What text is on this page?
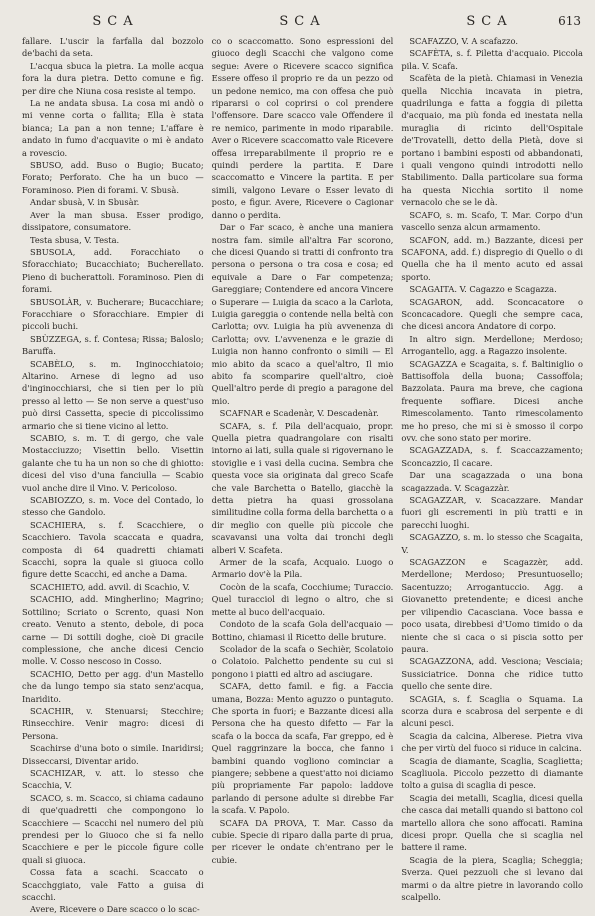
SCA	SCA	SCA	613

fallare. L'uscir la farfalla dal bozzolo de'bachi da seta.

L'acqua sbuca la pietra. La molle acqua fora la dura pietra. Detto comune e fig. per dire che Niuna cosa resiste al tempo.

La ne andata sbusa. La cosa mi andò o mi venne corta o fallita; Ella è stata bianca; La pan a non tenne; L'affare è andato in fumo d'acquavite o mi è andato a rovescio.

SBUSO, add. Buso o Bugio; Bucato; Forato; Perforato. Che ha un buco — Foraminoso. Pien di forami. V. Sbusà.

Andar sbusà, V. in Sbusàr.

Aver la man sbusa. Esser prodigo, dissipatore, consumatore.

Testa sbusa, V. Testa.

SBUSOLA, add. Foracchiato o Sforacchiato; Bucacchiato; Bucherellato. Pieno di bucherattoli. Foraminoso. Pien di forami.

SBUSOLÀR, v. Bucherare; Bucacchiare; Foracchiare o Sforacchiare. Empier di piccoli buchi.

SBÙZZEGA, s. f. Contesa; Rissa; Baloslo; Baruffa.

SCABÈLO, s. m. Inginocchiatoio; Altarino. Arnese di legno ad uso d'inginocchiarsi, che si tien per lo più presso al letto — Se non serve a quest'uso può dirsi Cassetta, specie di piccolissimo armario che si tiene vicino al letto.

SCABIO, s. m. T. di gergo, che vale Mostacciuzzo; Visettin bello. Visettin galante che tu ha un non so che di ghiotto: dicesi del viso d'una fanciulla — Scabio vuol anche dire il Vino. V. Pericoloso.

SCABIOZZO, s. m. Voce del Contado, lo stesso che Gandolo.

SCACHIERA, s. f. Scacchiere, o Scacchiero. Tavola scaccata e quadra, composta di 64 quadretti chiamati Scacchi, sopra la quale si giuoca collo figure dette Scacchi, ed anche a Dama.

SCACHIETO, add. avvil. di Scachio, V.

SCACHIO, add. Mingherlino; Magrino; Sottilino; Scriato o Scrento, quasi Non creato. Venuto a stento, debole, di poca carne — Di sottili doghe, cioè Di gracile complessione, che anche dicesi Cencio molle. V. Cosso nescoso in Cosso.

SCACHIO, Detto per agg. d'un Mastello che da lungo tempo sia stato senz'acqua, Inaridito.

SCACHIR, v. Stenuarsi; Stecchire; Rinsecchire. Venir magro: dicesi di Persona.

Scachirse d'una boto o simile. Inaridirsi; Disseccarsi, Diventar arido.

SCACHIZAR, v. att. lo stesso che Scacchia, V.

SCACO, s. m. Scacco, si chiama cadauno di que'quadretti che compongono lo Scacchiere — Scacchi nel numero del più prendesi per lo Giuoco che si fa nello Scacchiere e per le piccole figure colle quali si giuoca.

Cossa fata a scachi. Scaccato o Scacchggiato, vale Fatto a guisa di scacchi.

Avere, Ricevere o Dare scacco o lo scac-

co o scaccomatto. Sono espressioni del giuoco degli Scacchi che valgono come segue: Avere o Ricevere scacco significa Essere offeso il proprio re da un pezzo od un pedone nemico, ma con offesa che può ripararsi o col coprirsi o col prendere l'offensore. Dare scacco vale Offendere il re nemico, parimente in modo riparabile. Aver o Ricevere scaccomatto vale Ricevere offesa irreparabilmente il proprio re e quindi perdere la partita. E Dare scaccomatto e Vincere la partita. E per simili, valgono Levare o Esser levato di posto, e figur. Avere, Ricevere o Cagionar danno o perdita.

Dar o Far scaco, è anche una maniera nostra fam. simile all'altra Far scorono, che dicesi Quando si tratti di confronto tra persona o persona o tra cosa e cosa; ed equivale a Dare o Far competenza; Gareggiare; Contendere ed ancora Vincere o Superare — Luigia da scaco a la Carlota, Luigia gareggia o contende nella beltà con Carlotta; ovv. Luigia ha più avvenenza di Carlotta; ovv. L'avvenenza e le grazie di Luigia non hanno confronto o simili — El mio abito da scaco a quel'altro, Il mio abito fa scomparire quell'altro, cioè Quell'altro perde di pregio a paragone del mio.

SCAFNAR e Scadenàr, V. Descadenàr.

SCAFA, s. f. Pila dell'acquaio, propr. Quella pietra quadrangolare con risalti intorno ai lati, sulla quale si rigovernano le stoviglie e i vasi della cucina. Sembra che questa voce sia originata dal greco Scafe che vale Barchetta o Batello, giacchè la detta pietra ha quasi grossolana similitudine colla forma della barchetta o a dir meglio con quelle più piccole che scavavansi una volta dai tronchi degli alberi V. Scafeta.

Armer de la scafa, Acquaio. Luogo o Armario dov'è la Pila.

Cocòn de la scafa, Cocchiume; Turaccio. Quel turacciol di legno o altro, che si mette al buco dell'acquaio.

Condoto de la scafa Gola dell'acquaio — Bottino, chiamasi il Ricetto delle bruture.

Scolador de la scafa o Sechièr, Scolatoio o Colatoio. Palchetto pendente su cui si pongono i piatti ed altro ad asciugare.

SCAFA, detto famil. e fig. a Faccia umana, Bozza: Mento aguzzo o puntaguto. Che sporta in fuori; e Bazzante dicesi alla Persona che ha questo difetto — Far la scafa o la bocca da scafa, Far greppo, ed è Quel raggrinzare la bocca, che fanno i bambini quando vogliono cominciar a piangere; sebbene a quest'atto noi diciamo più propriamente Far papolo: laddove parlando di persone adulte si direbbe Far la scafa. V. Papolo.

SCAFA DA PROVA, T. Mar. Casso da cubie. Specie di riparo dalla parte di prua, per ricever le ondate ch'entrano per le cubie.

SCAFAZZO, V. A scafazzo.

SCAFÈTA, s. f. Piletta d'acquaio. Piccola pila. V. Scafa.

Scafèta de la pietà. Chiamasi in Venezia quella Nicchia incavata in pietra, quadrilunga e fatta a foggia di piletta d'acquaio, ma più fonda ed inestata nella muraglia di ricinto dell'Ospitale de'Trovatelli, detto della Pietà, dove si portano i bambini esposti od abbandonati, i quali vengono quindi introdotti nello Stabilimento. Dalla particolare sua forma ha questa Nicchia sortito il nome vernacolo che se le dà.

SCAFO, s. m. Scafo, T. Mar. Corpo d'un vascello senza alcun armamento.

SCAFON, add. m.) Bazzante, dicesi per SCAFONA, add. f.) dispregio di Quello o di Quella che ha il mento acuto ed assai sporto.

SCAGAITA. V. Cagazzo e Scagazza.

SCAGARON, add. Sconcacatore o Sconcacadore. Quegli che sempre caca, che dicesi ancora Andatore di corpo.

In altro sign. Merdellone; Merdoso; Arrogantello, agg. a Ragazzo insolente.

SCAGAZZA e Scagaita, s. f. Baltiniglio o Battisoffola della buona; Cassoffola; Bazzolata. Paura ma breve, che cagiona frequente soffiare. Dicesi anche Rimescolamento. Tanto rimescolamento me ho preso, che mi si è smosso il corpo ovv. che sono stato per morire.

SCAGAZZADA, s. f. Scaccazzamento; Sconcazzio, Il cacare.

Dar una scagazzada o una bona scagazzada. V. Scagazzàr.

SCAGAZZAR, v. Scacazzare. Mandar fuori gli escrementi in più tratti e in parecchi luoghi.

SCAGAZZO, s. m. lo stesso che Scagaita, V.

SCAGAZZON e Scagazzèr, add. Merdellone; Merdoso; Presuntuosello; Sacentuzzo; Arrogantuccio. Agg. a Giovanetto pretendente; e dicesi anche per vilipendio Cacasciana. Voce bassa e poco usata, direbbesi d'Uomo timido o da niente che si caca o si piscia sotto per paura.

SCAGAZZONA, add. Vesciona; Vesciaia; Sussiciatrice. Donna che ridice tutto quello che sente dire.

SCAGIA, s. f. Scaglia o Squama. La scorza dura e scabrosa del serpente e di alcuni pesci.

Scagia da calcina, Alberese. Pietra viva che per virtù del fuoco si riduce in calcina.

Scagia de diamante, Scaglia, Scaglietta; Scagliuola. Piccolo pezzetto di diamante tolto a guisa di scaglia di pesce.

Scagia dei metalli, Scaglia, dicesi quella che casca dai metalli quando si battono col martello allora che sono affocati. Ramina dicesi propr. Quella che si scaglia nel battere il rame.

Scagia de la piera, Scaglia; Scheggia; Sverza. Quei pezzuoli che si levano dai marmi o da altre pietre in lavorando collo scalpello.
